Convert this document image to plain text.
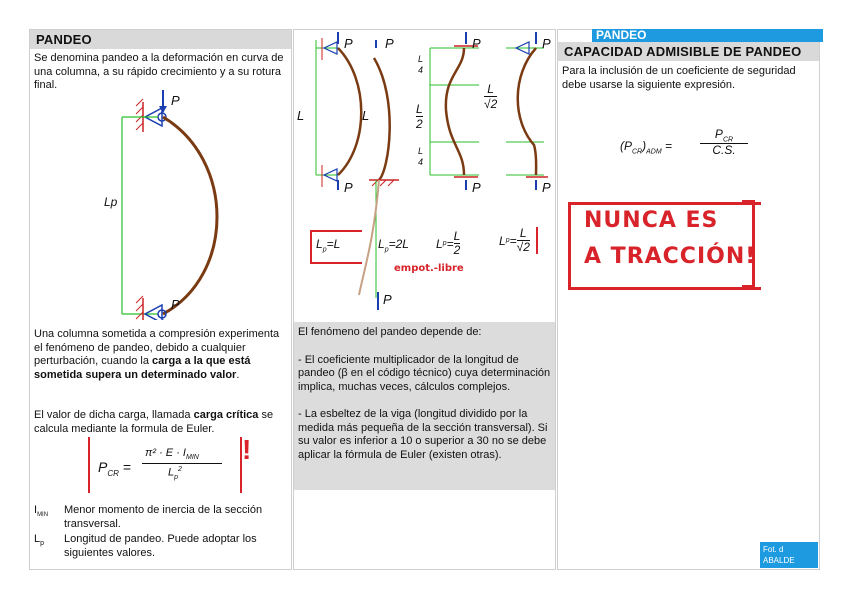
PANDEO
Se denomina pandeo a la deformación en curva de una columna, a su rápido crecimiento y a su rotura final.
P
P
Lp
Una columna sometida a compresión experimenta el fenómeno de pandeo, debido a cualquier perturbación, cuando la carga a la que está sometida supera un determinado valor.
El valor de dicha carga, llamada carga crítica se calcula mediante la formula de Euler.
$P_{CR}$ =
$\pi^2 \cdot E \cdot I_{MIN}$
$L_p^2$
!
$I_{MIN}$	Menor momento de inercia de la sección transversal.
$L_p$	Longitud de pandeo. Puede adoptar los siguientes valores.
P P	P	P
P	P	P
P
L	L
L
4
L
2
L
4
L
√2
$L_p=L$	$L_p=2L$ L p =
L
2
L p =
L
√2
empot.-libre
El fenómeno del pandeo depende de:
- El coeficiente multiplicador de la longitud de pandeo (β en el código técnico) cuya determinación implica, muchas veces, cálculos complejos.
- La esbeltez de la viga (longitud dividido por la medida más pequeña de la sección transversal). Si su valor es inferior a 10 o superior a 30 no se debe aplicar la fórmula de Euler (existen otras).
PANDEO
CAPACIDAD ADMISIBLE DE PANDEO
Para la inclusión de un coeficiente de seguridad debe usarse la siguiente expresión.
$(P_{CR})_{ADM}$ =
$P_{CR}$
C.S.
NUNCA ES
A TRACCIÓN!
Fot. d
ABALDE
